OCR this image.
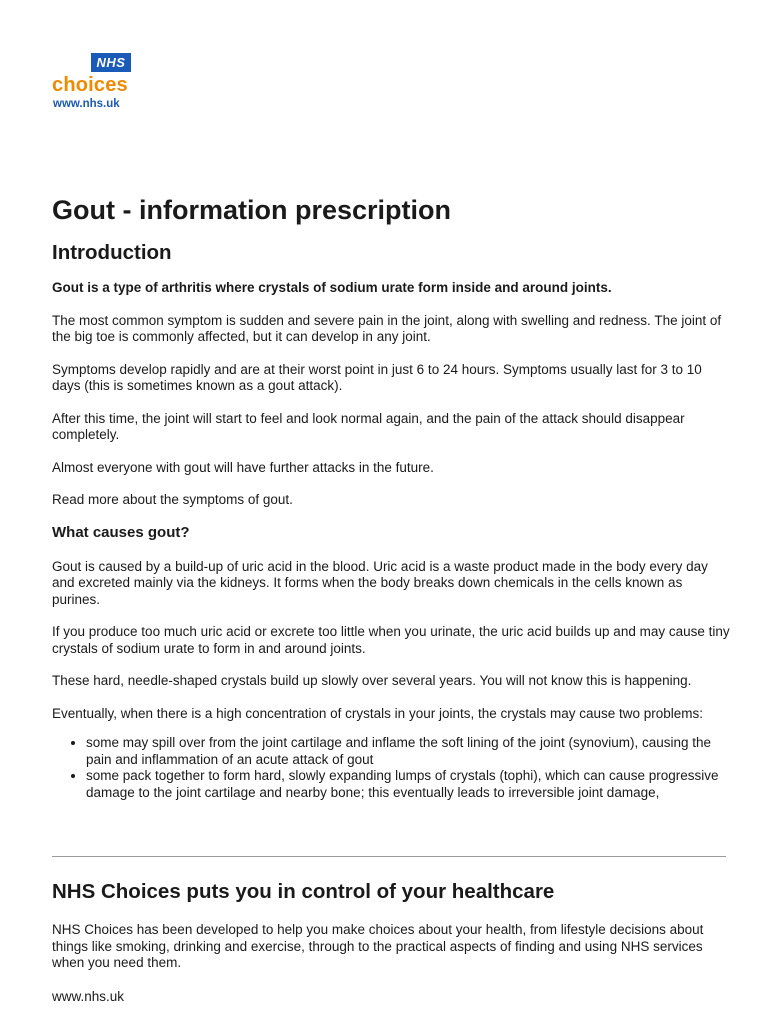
NHS
choices
www.nhs.uk
Gout - information prescription
Introduction

Gout is a type of arthritis where crystals of sodium urate form inside and around joints.

The most common symptom is sudden and severe pain in the joint, along with swelling and redness. The joint of the big toe is commonly affected, but it can develop in any joint.

Symptoms develop rapidly and are at their worst point in just 6 to 24 hours. Symptoms usually last for 3 to 10 days (this is sometimes known as a gout attack).

After this time, the joint will start to feel and look normal again, and the pain of the attack should disappear completely.

Almost everyone with gout will have further attacks in the future.

Read more about the symptoms of gout.

What causes gout?

Gout is caused by a build-up of uric acid in the blood. Uric acid is a waste product made in the body every day and excreted mainly via the kidneys. It forms when the body breaks down chemicals in the cells known as purines.

If you produce too much uric acid or excrete too little when you urinate, the uric acid builds up and may cause tiny crystals of sodium urate to form in and around joints.

These hard, needle-shaped crystals build up slowly over several years. You will not know this is happening.

Eventually, when there is a high concentration of crystals in your joints, the crystals may cause two problems:

• some may spill over from the joint cartilage and inflame the soft lining of the joint (synovium), causing the pain and inflammation of an acute attack of gout
• some pack together to form hard, slowly expanding lumps of crystals (tophi), which can cause progressive damage to the joint cartilage and nearby bone; this eventually leads to irreversible joint damage,
NHS Choices puts you in control of your healthcare

NHS Choices has been developed to help you make choices about your health, from lifestyle decisions about things like smoking, drinking and exercise, through to the practical aspects of finding and using NHS services when you need them.

www.nhs.uk
